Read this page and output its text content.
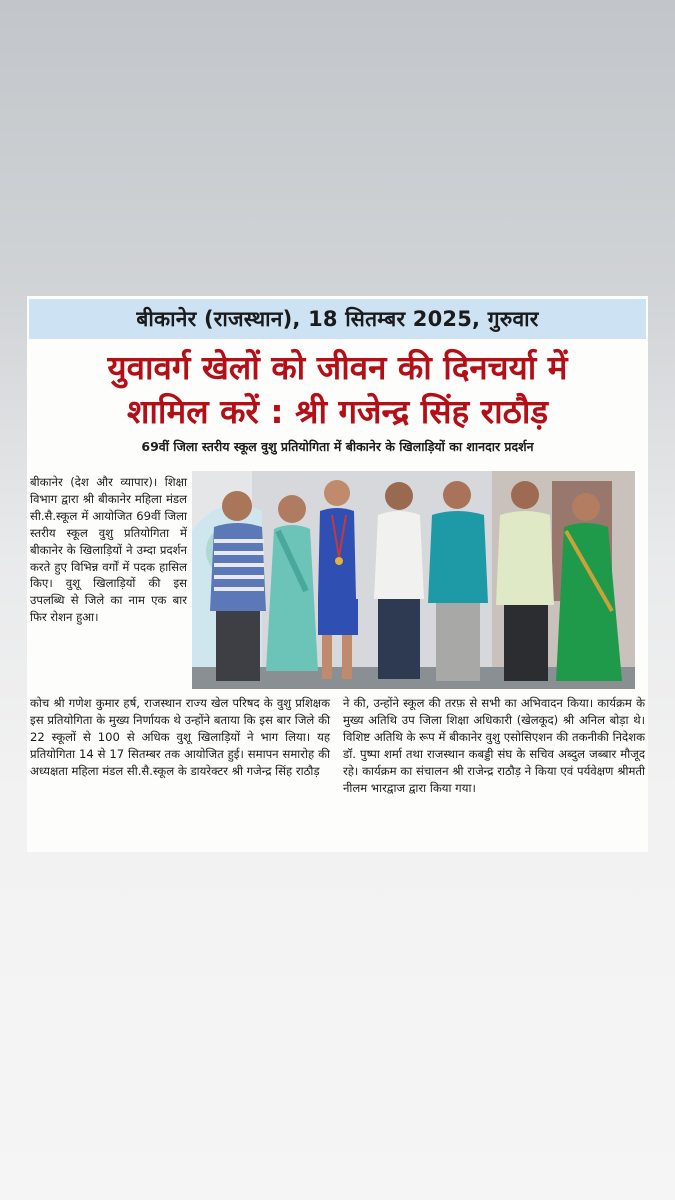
बीकानेर (राजस्थान), 18 सितम्बर 2025, गुरुवार
युवावर्ग खेलों को जीवन की दिनचर्या में
शामिल करें : श्री गजेन्द्र सिंह राठौड़
69वीं जिला स्तरीय स्कूल वुशु प्रतियोगिता में बीकानेर के खिलाड़ियों का शानदार प्रदर्शन

बीकानेर (देश और व्यापार)। शिक्षा विभाग द्वारा श्री बीकानेर महिला मंडल सी.सै.स्कूल में आयोजित 69वीं जिला स्तरीय स्कूल वुशु प्रतियोगिता में बीकानेर के खिलाड़ियों ने उम्दा प्रदर्शन करते हुए विभिन्न वर्गों में पदक हासिल किए। वुशू खिलाड़ियों की इस उपलब्धि से जिले का नाम एक बार फिर रोशन हुआ।

कोच श्री गणेश कुमार हर्ष, राजस्थान राज्य खेल परिषद के वुशु प्रशिक्षक इस प्रतियोगिता के मुख्य निर्णायक थे उन्होंने बताया कि इस बार जिले की 22 स्कूलों से 100 से अधिक वुशू खिलाड़ियों ने भाग लिया। यह प्रतियोगिता 14 से 17 सितम्बर तक आयोजित हुई। समापन समारोह की अध्यक्षता महिला मंडल सी.सै.स्कूल के डायरेक्टर श्री गजेन्द्र सिंह राठौड़

ने की, उन्होंने स्कूल की तरफ़ से सभी का अभिवादन किया। कार्यक्रम के मुख्य अतिथि उप जिला शिक्षा अधिकारी (खेलकूद) श्री अनिल बोड़ा थे। विशिष्ट अतिथि के रूप में बीकानेर वुशु एसोसिएशन की तकनीकी निदेशक डॉ. पुष्पा शर्मा तथा राजस्थान कबड्डी संघ के सचिव अब्दुल जब्बार मौजूद रहे। कार्यक्रम का संचालन श्री राजेन्द्र राठौड़ ने किया एवं पर्यवेक्षण श्रीमती नीलम भारद्वाज द्वारा किया गया।
